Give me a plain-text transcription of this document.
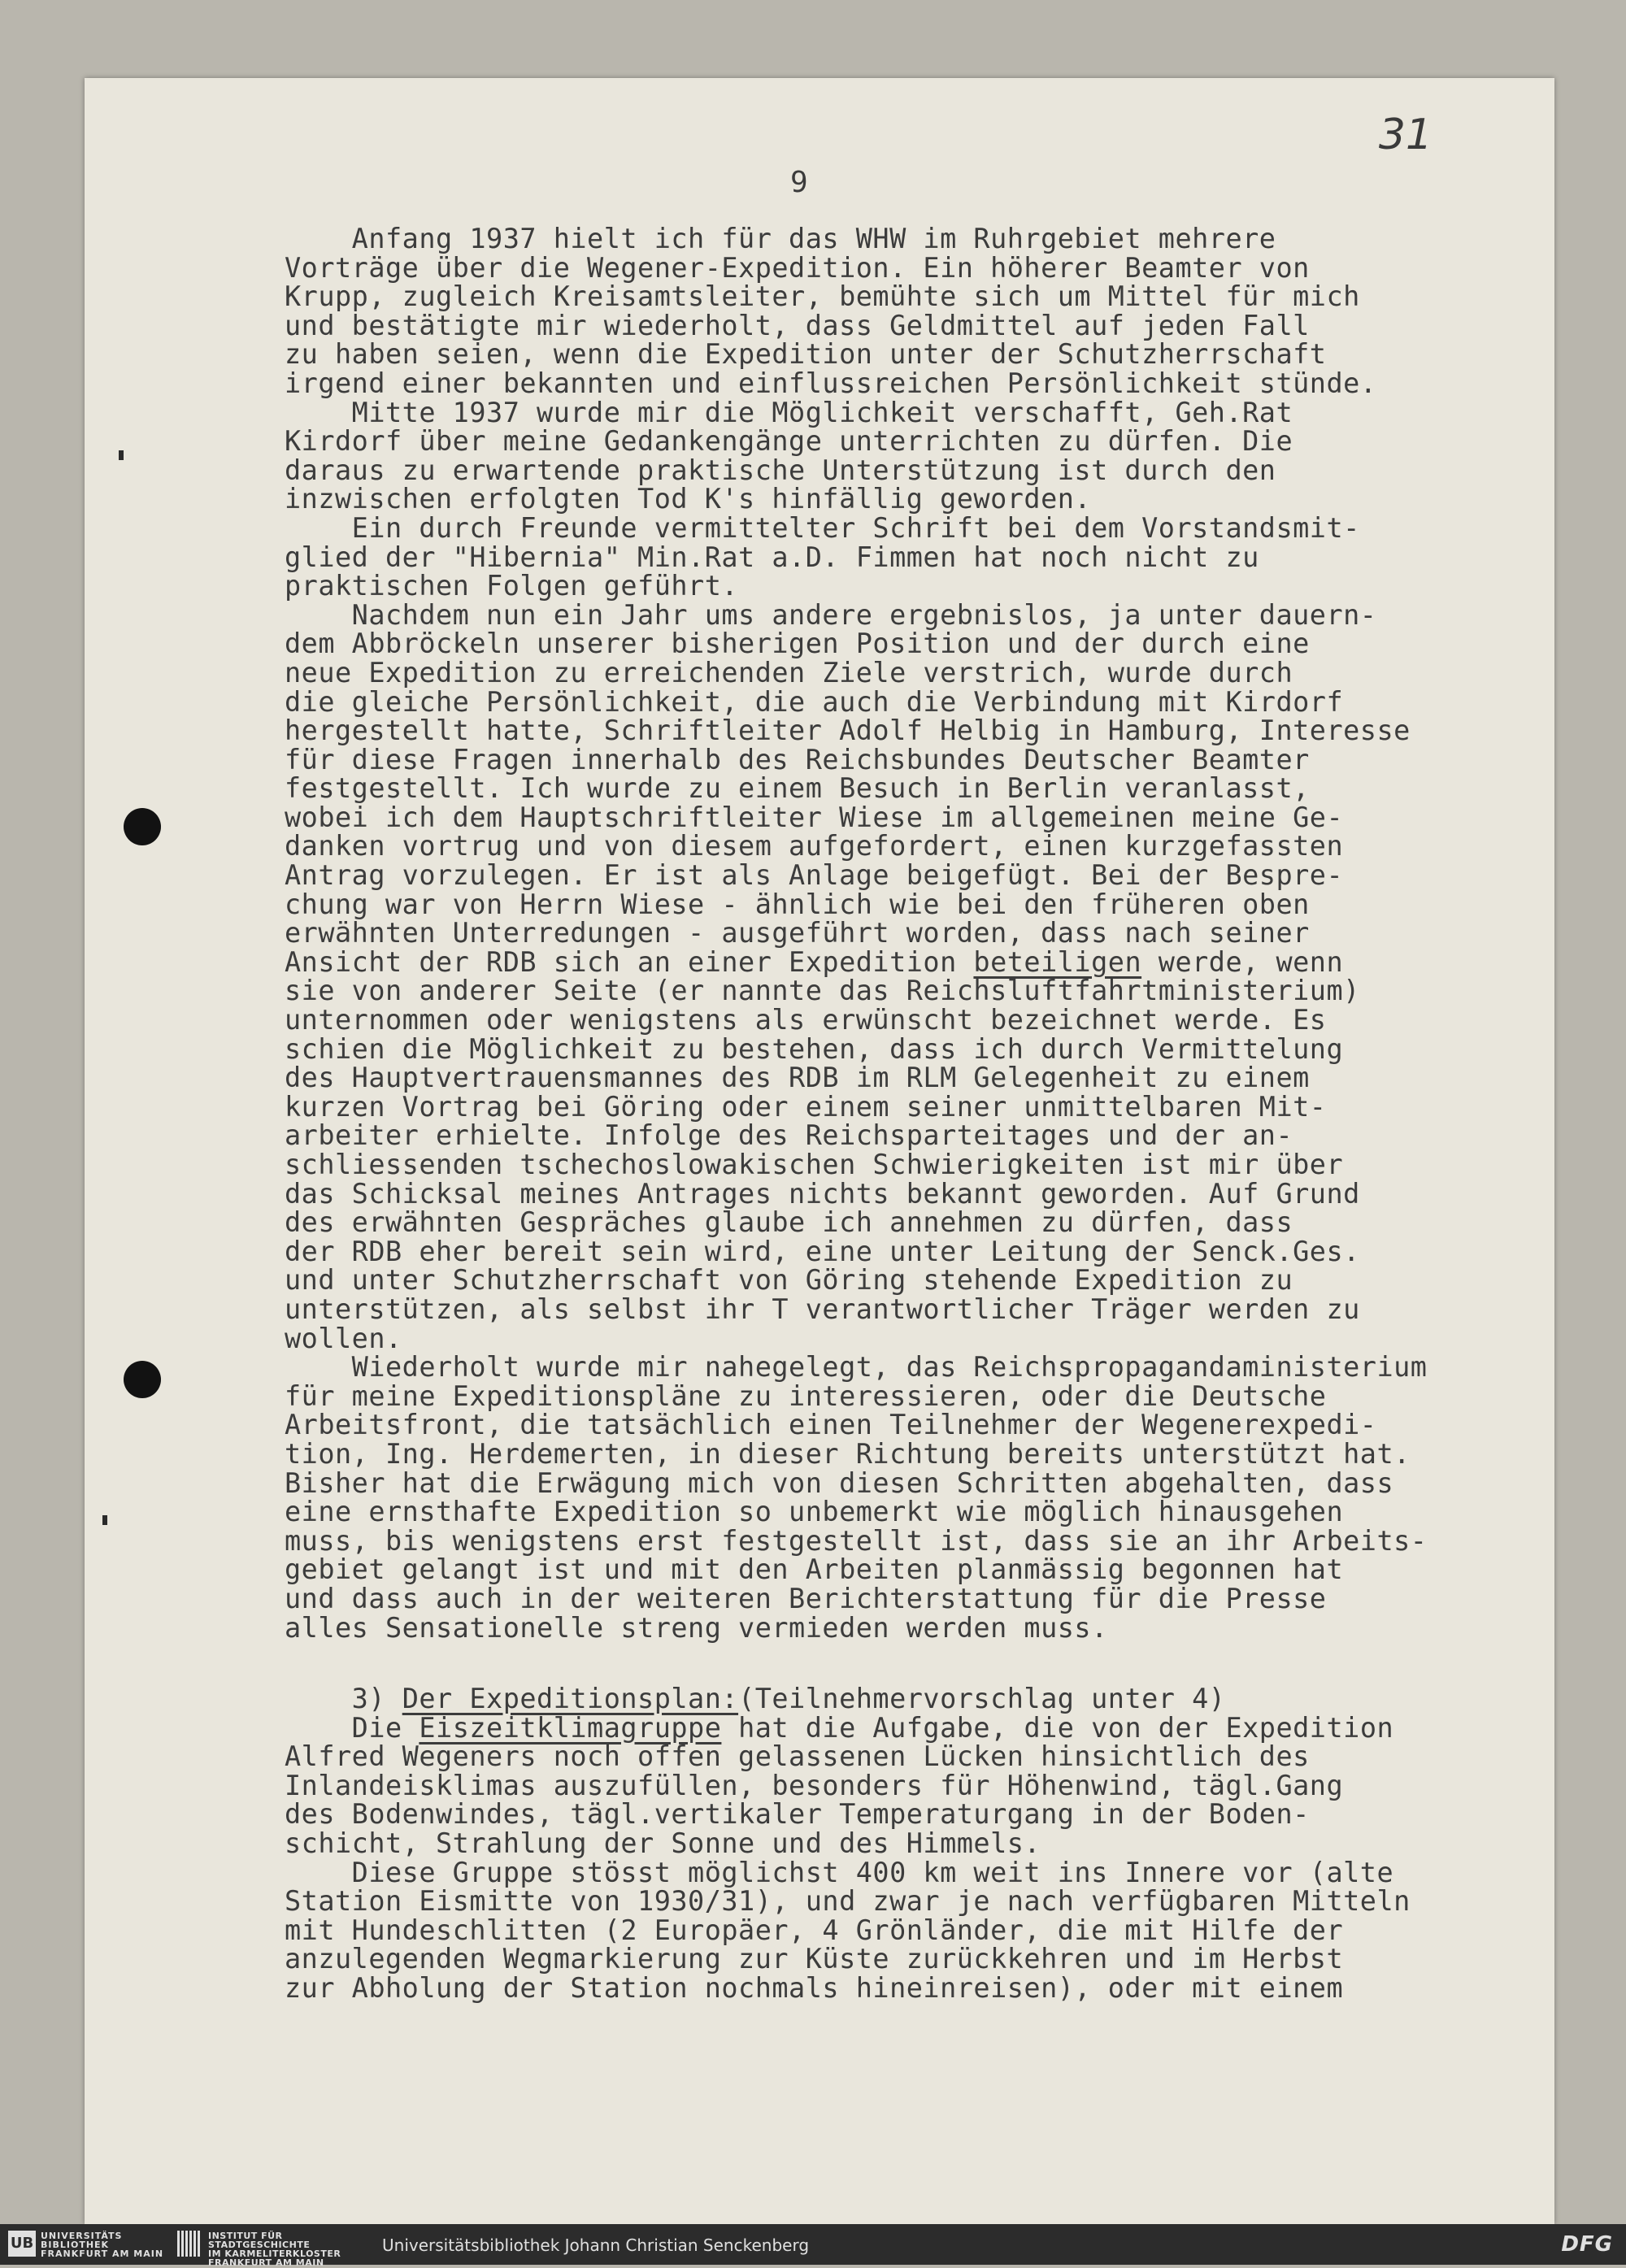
31
9
Anfang 1937 hielt ich für das WHW im Ruhrgebiet mehrere
Vorträge über die Wegener-Expedition. Ein höherer Beamter von
Krupp, zugleich Kreisamtsleiter, bemühte sich um Mittel für mich
und bestätigte mir wiederholt, dass Geldmittel auf jeden Fall
zu haben seien, wenn die Expedition unter der Schutzherrschaft
irgend einer bekannten und einflussreichen Persönlichkeit stünde.
Mitte 1937 wurde mir die Möglichkeit verschafft, Geh.Rat
Kirdorf über meine Gedankengänge unterrichten zu dürfen. Die
daraus zu erwartende praktische Unterstützung ist durch den
inzwischen erfolgten Tod K's hinfällig geworden.
Ein durch Freunde vermittelter Schrift bei dem Vorstandsmit-
glied der "Hibernia" Min.Rat a.D. Fimmen hat noch nicht zu
praktischen Folgen geführt.
Nachdem nun ein Jahr ums andere ergebnislos, ja unter dauern-
dem Abbröckeln unserer bisherigen Position und der durch eine
neue Expedition zu erreichenden Ziele verstrich, wurde durch
die gleiche Persönlichkeit, die auch die Verbindung mit Kirdorf
hergestellt hatte, Schriftleiter Adolf Helbig in Hamburg, Interesse
für diese Fragen innerhalb des Reichsbundes Deutscher Beamter
festgestellt. Ich wurde zu einem Besuch in Berlin veranlasst,
wobei ich dem Hauptschriftleiter Wiese im allgemeinen meine Ge-
danken vortrug und von diesem aufgefordert, einen kurzgefassten
Antrag vorzulegen. Er ist als Anlage beigefügt. Bei der Bespre-
chung war von Herrn Wiese - ähnlich wie bei den früheren oben
erwähnten Unterredungen - ausgeführt worden, dass nach seiner
Ansicht der RDB sich an einer Expedition beteiligen werde, wenn
sie von anderer Seite (er nannte das Reichsluftfahrtministerium)
unternommen oder wenigstens als erwünscht bezeichnet werde. Es
schien die Möglichkeit zu bestehen, dass ich durch Vermittelung
des Hauptvertrauensmannes des RDB im RLM Gelegenheit zu einem
kurzen Vortrag bei Göring oder einem seiner unmittelbaren Mit-
arbeiter erhielte. Infolge des Reichsparteitages und der an-
schliessenden tschechoslowakischen Schwierigkeiten ist mir über
das Schicksal meines Antrages nichts bekannt geworden. Auf Grund
des erwähnten Gespräches glaube ich annehmen zu dürfen, dass
der RDB eher bereit sein wird, eine unter Leitung der Senck.Ges.
und unter Schutzherrschaft von Göring stehende Expedition zu
unterstützen, als selbst ihr T verantwortlicher Träger werden zu
wollen.
Wiederholt wurde mir nahegelegt, das Reichspropagandaministerium
für meine Expeditionspläne zu interessieren, oder die Deutsche
Arbeitsfront, die tatsächlich einen Teilnehmer der Wegenerexpedi-
tion, Ing. Herdemerten, in dieser Richtung bereits unterstützt hat.
Bisher hat die Erwägung mich von diesen Schritten abgehalten, dass
eine ernsthafte Expedition so unbemerkt wie möglich hinausgehen
muss, bis wenigstens erst festgestellt ist, dass sie an ihr Arbeits-
gebiet gelangt ist und mit den Arbeiten planmässig begonnen hat
und dass auch in der weiteren Berichterstattung für die Presse
alles Sensationelle streng vermieden werden muss.
3) Der Expeditionsplan:(Teilnehmervorschlag unter 4)
Die Eiszeitklimagruppe hat die Aufgabe, die von der Expedition
Alfred Wegeners noch offen gelassenen Lücken hinsichtlich des
Inlandeisklimas auszufüllen, besonders für Höhenwind, tägl.Gang
des Bodenwindes, tägl.vertikaler Temperaturgang in der Boden-
schicht, Strahlung der Sonne und des Himmels.
Diese Gruppe stösst möglichst 400 km weit ins Innere vor (alte
Station Eismitte von 1930/31), und zwar je nach verfügbaren Mitteln
mit Hundeschlitten (2 Europäer, 4 Grönländer, die mit Hilfe der
anzulegenden Wegmarkierung zur Küste zurückkehren und im Herbst
zur Abholung der Station nochmals hineinreisen), oder mit einem
UB UNIVERSITÄTS
BIBLIOTHEK
FRANKFURT AM MAIN
INSTITUT FÜR
STADTGESCHICHTE
IM KARMELITERKLOSTER
FRANKFURT AM MAIN
Universitätsbibliothek Johann Christian Senckenberg	DFG
